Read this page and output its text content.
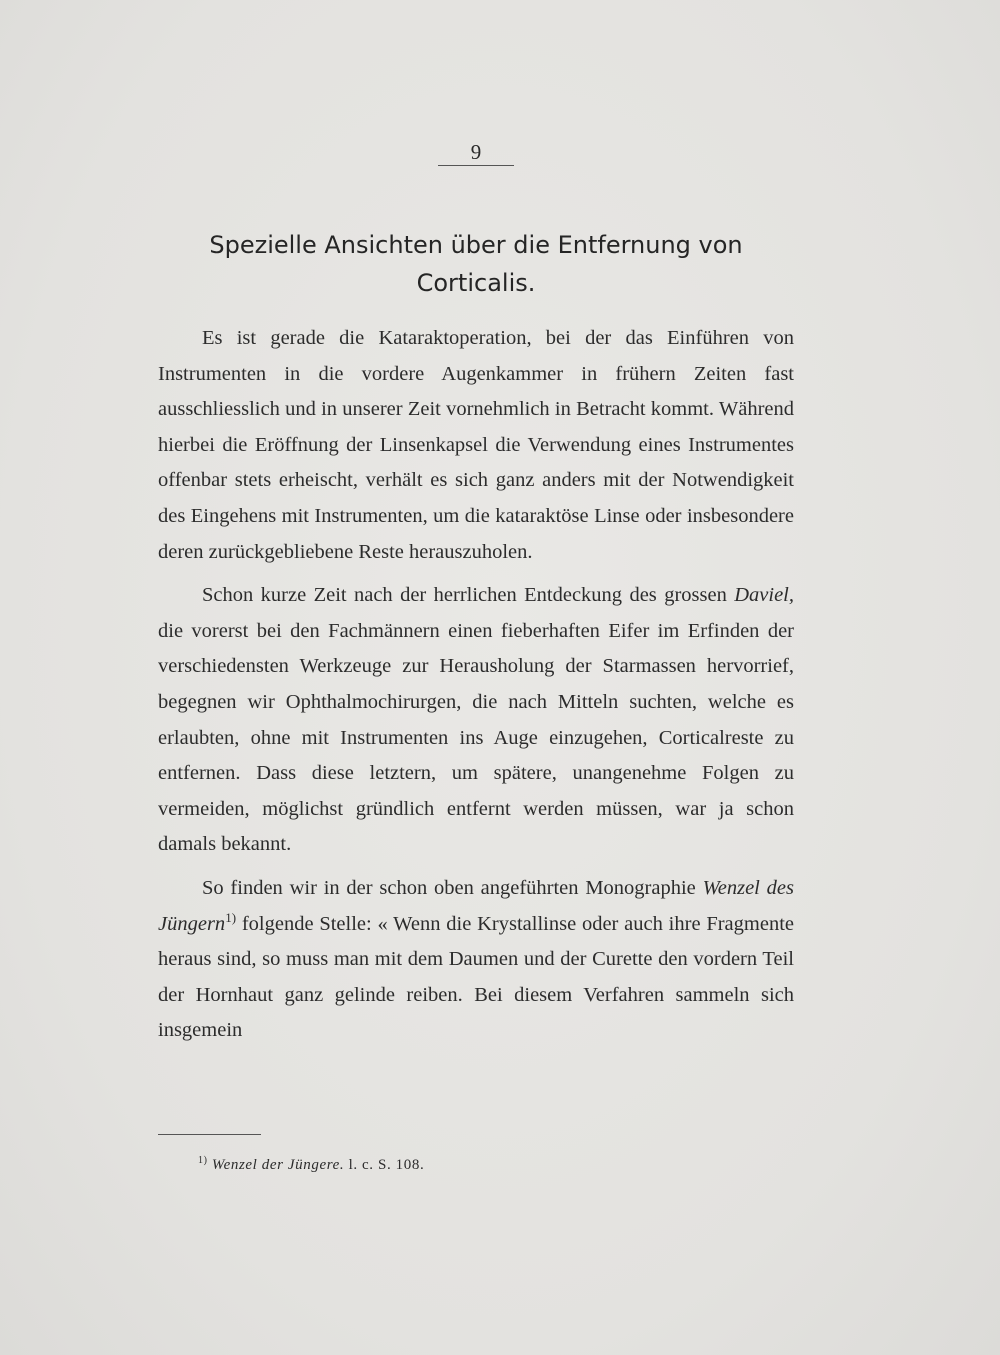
9
Spezielle Ansichten über die Entfernung von
Corticalis.

Es ist gerade die Kataraktoperation, bei der das Einführen von Instrumenten in die vordere Augenkammer in frühern Zeiten fast ausschliesslich und in unserer Zeit vornehmlich in Betracht kommt. Während hierbei die Eröffnung der Linsenkapsel die Verwendung eines Instrumentes offenbar stets erheischt, verhält es sich ganz anders mit der Notwendigkeit des Eingehens mit Instrumenten, um die kataraktöse Linse oder insbesondere deren zurückgebliebene Reste herauszuholen.

Schon kurze Zeit nach der herrlichen Entdeckung des grossen Daviel, die vorerst bei den Fachmännern einen fieberhaften Eifer im Erfinden der verschiedensten Werkzeuge zur Herausholung der Starmassen hervorrief, begegnen wir Ophthalmochirurgen, die nach Mitteln suchten, welche es erlaubten, ohne mit Instrumenten ins Auge einzugehen, Corticalreste zu entfernen. Dass diese letztern, um spätere, unangenehme Folgen zu vermeiden, möglichst gründlich entfernt werden müssen, war ja schon damals bekannt.

So finden wir in der schon oben angeführten Monographie Wenzel des Jüngern$^{1)}$ folgende Stelle: « Wenn die Krystallinse oder auch ihre Fragmente heraus sind, so muss man mit dem Daumen und der Curette den vordern Teil der Hornhaut ganz gelinde reiben. Bei diesem Verfahren sammeln sich insgemein

$^{1)}$ Wenzel der Jüngere. l. c. S. 108.
